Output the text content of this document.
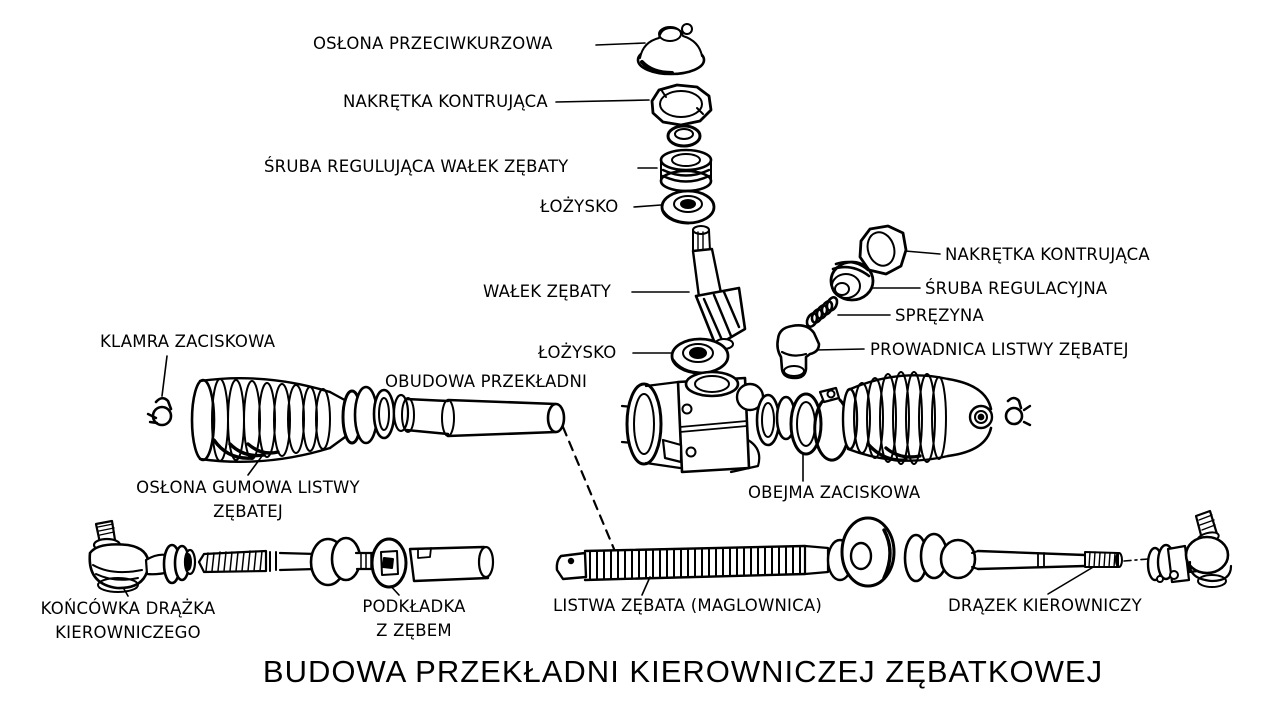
OSŁONA PRZECIWKURZOWA
NAKRĘTKA KONTRUJĄCA
ŚRUBA REGULUJĄCA WAŁEK ZĘBATY
ŁOŻYSKO
WAŁEK ZĘBATY
ŁOŻYSKO
NAKRĘTKA KONTRUJĄCA
ŚRUBA REGULACYJNA
SPRĘZYNA
PROWADNICA LISTWY ZĘBATEJ
KLAMRA ZACISKOWA
OBUDOWA PRZEKŁADNI
OSŁONA GUMOWA LISTWY
ZĘBATEJ
OBEJMA ZACISKOWA
KOŃCÓWKA DRĄŻKA
KIEROWNICZEGO
PODKŁADKA
Z ZĘBEM
LISTWA ZĘBATA (MAGLOWNICA)	DRĄZEK KIEROWNICZY
BUDOWA PRZEKŁADNI KIEROWNICZEJ ZĘBATKOWEJ
